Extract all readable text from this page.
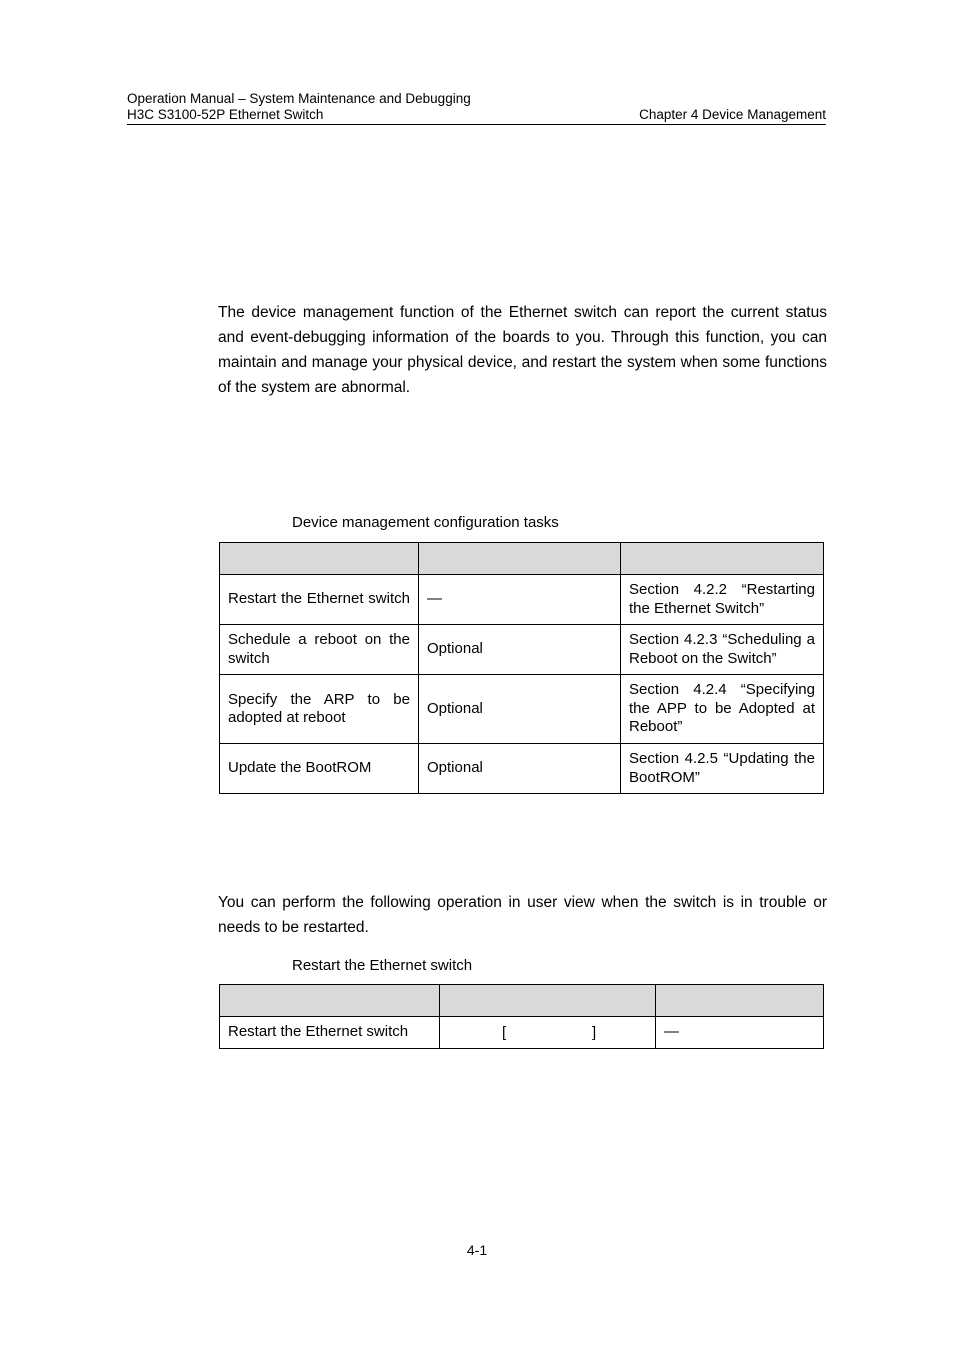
Operation Manual – System Maintenance and Debugging
H3C S3100-52P Ethernet Switch	Chapter 4 Device Management

The device management function of the Ethernet switch can report the current status and event-debugging information of the boards to you. Through this function, you can maintain and manage your physical device, and restart the system when some functions of the system are abnormal.

Device management configuration tasks

Restart the Ethernet switch	—	Section 4.2.2 “Restarting the Ethernet Switch”
Schedule a reboot on the switch	Optional	Section 4.2.3 “Scheduling a Reboot on the Switch”
Specify the ARP to be adopted at reboot	Optional	Section 4.2.4 “Specifying the APP to be Adopted at Reboot”
Update the BootROM	Optional	Section 4.2.5 “Updating the BootROM”

You can perform the following operation in user view when the switch is in trouble or needs to be restarted.

Restart the Ethernet switch

Restart the Ethernet switch	[ ]	—
4-1
